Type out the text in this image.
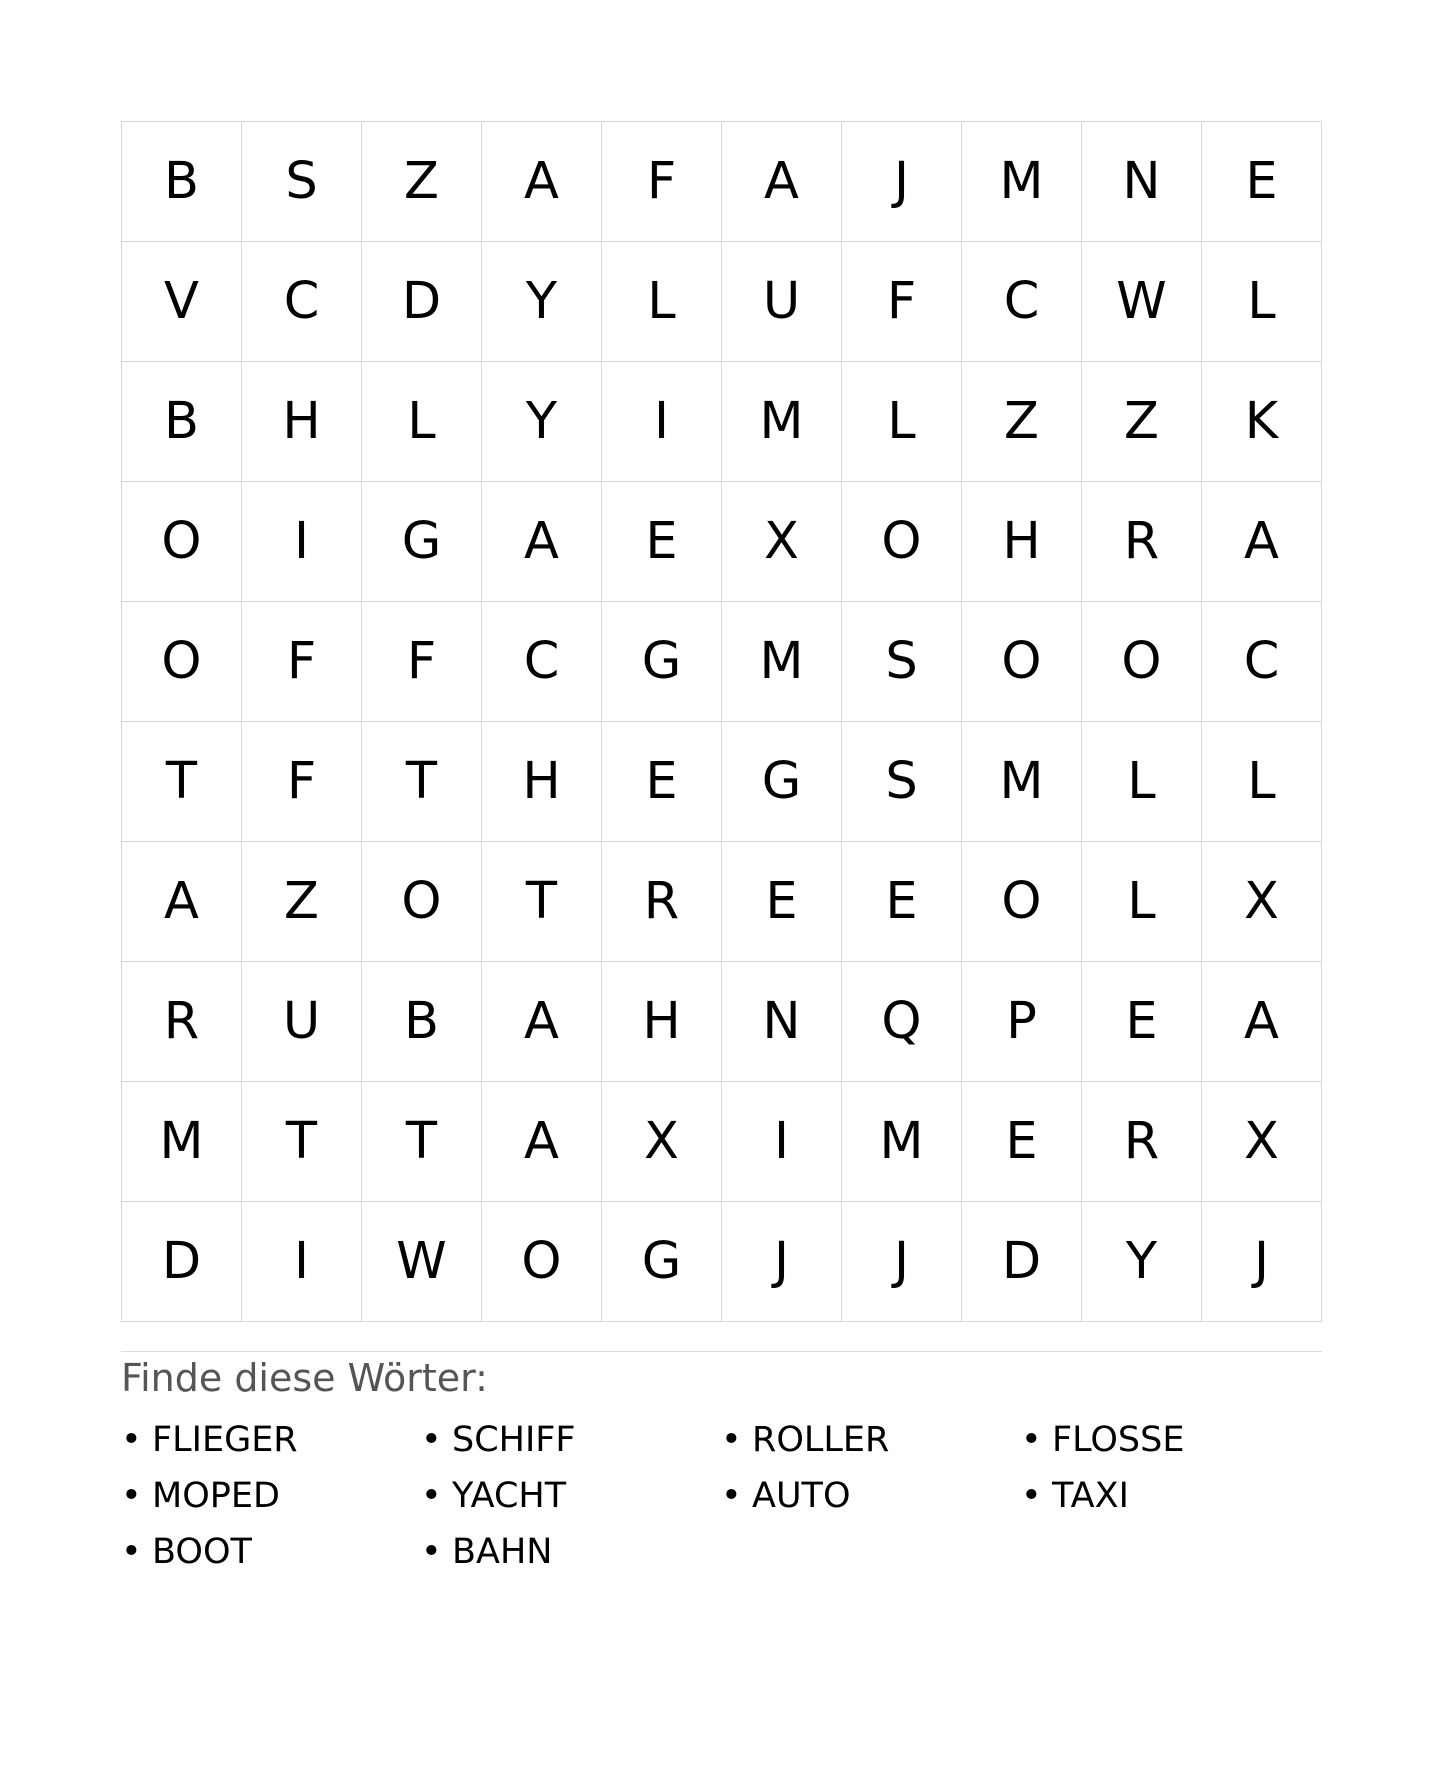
B	S	Z	A	F	A	J	M	N	E
V	C	D	Y	L	U	F	C	W	L
B	H	L	Y	I	M	L	Z	Z	K
O	I	G	A	E	X	O	H	R	A
O	F	F	C	G	M	S	O	O	C
T	F	T	H	E	G	S	M	L	L
A	Z	O	T	R	E	E	O	L	X
R	U	B	A	H	N	Q	P	E	A
M	T	T	A	X	I	M	E	R	X
D	I	W	O	G	J	J	D	Y	J
Finde diese Wörter:
• FLIEGER	• SCHIFF	• ROLLER	• FLOSSE
• MOPED	• YACHT	• AUTO	• TAXI
• BOOT	• BAHN
